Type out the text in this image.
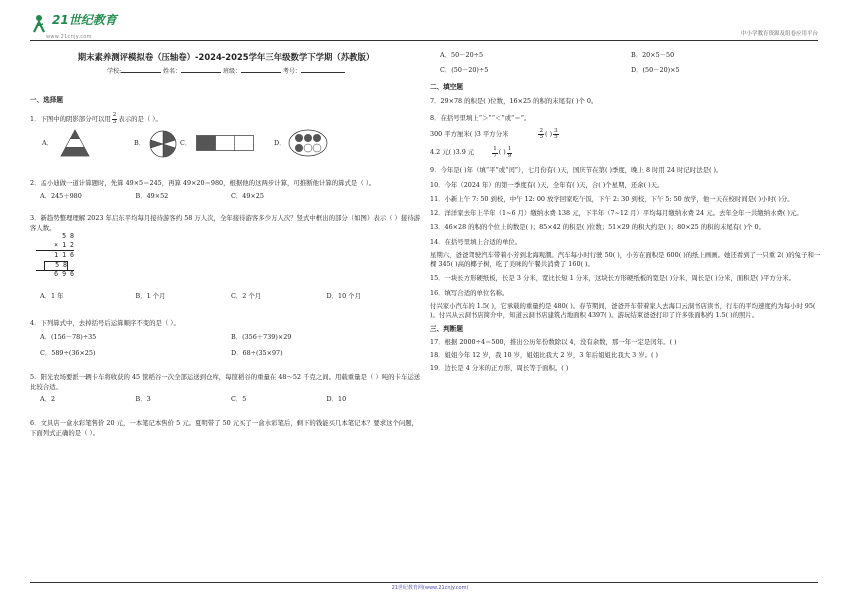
21世纪教育
www.21cnjy.com	中小学教育资源及组卷应用平台
期末素养测评模拟卷（压轴卷）-2024-2025学年三年级数学下学期（苏教版）
学校:	姓名：	班级：	考号：
一、选择题
1．下图中的阴影部分可以用 $\frac{2}{3}$ 表示的是（ ）。
A．	B．	C．	D．
2．孟小迪做一道计算题时，先算 49×5＝245，再算 49×20＝980，根据他的这两步计算，可推断他计算的算式是（ ）。
A．245＋980	B．49×52	C．49×25
3．新趋势整理理解 2023 年启东平均每月接待游客约 58 万人次，全年接待游客多少万人次？竖式中框出的部分（如图）表示（ ）接待游客人数。
5 8
× 1 2
1 1 6
5 8
6 9 6
A．1 年	B．1 个月	C．2 个月	D．10 个月
4．下列算式中，去掉括号后运算顺序不变的是（ ）。
A．(156－78)÷35	B．(356＋739)×29
C．589÷(36×25)	D．68÷(35×97)
5．阳光农场要派一辆卡车将收获的 45 筐稻谷一次全部运送到仓库，每筐稻谷的重量在 48～52 千克之间。用载重量是（ ）吨的卡车运送比较合适。
A．2	B．3	C．5	D．10
6．文具店一盒水彩笔售价 20 元，一本笔记本售价 5 元。夏明带了 50 元买了一盒水彩笔后，剩下的钱能买几本笔记本？要求这个问题，下面列式正确的是（ ）。
A．50－20÷5	B．20×5－50
C．(50－20)÷5	D．(50－20)×5
二、填空题
7．29×78 的积是( )位数，16×25 的积的末尾有( )个 0。
8．在括号里填上“＞”“＜”或“＝”。
300 平方厘米( )3 平方分米	$\frac{2}{5}$ ( ) $\frac{3}{5}$
4.2 元( )3.9 元	$\frac{1}{7}$ ( ) $\frac{1}{9}$
9．今年是( )年（填“平”或“闰”），七月份有( )天，国庆节在第( )季度，晚上 8 时用 24 时记时法是( )。
10．今年（2024 年）的第一季度有( )天，全年有( )天，合( )个星期，还余( )天。
11．小新上午 7: 50 到校，中午 12: 00 放学回家吃午饭，下午 2: 30 到校，下午 5: 50 放学，他一天在校时间是( )小时( )分。
12．洋洋家去年上半年（1~6 月）缴纳水费 138 元，下半年（7~12 月）平均每月缴纳水费 24 元。去年全年一共缴纳水费( )元。
13．46×28 的积的个位上的数是( )；85×42 的积是( )位数；51×29 的积大约是( )；80×25 的积的末尾有( )个 0。
14．在括号里填上合适的单位。
星期六，爸爸驾驶汽车带着小芳到北海观潮。汽车每小时行驶 50( )，小芳在面积是 600( )的纸上画画。她还看到了一只重 2( )的兔子和一棵 345( )高的椰子树，吃了美味的午餐共消费了 160( )。
15．一块长方形硬纸板，长是 3 分米，宽比长短 1 分米，这块长方形硬纸板的宽是( )分米，周长是( )分米，面积是( )平方分米。
16．填写合适的单位名称。
付兴家小汽车的 1.5( )，它承载的重量约是 480( )。春节期间，爸爸开车带着家人去海口云洞书店读书，行车的平均速度约为每小时 95( )。付兴从云洞书店简介中，知道云洞书店建筑占地面积 4397( )。游玩结束爸爸打印了许多张面积约 1.5( )的照片。
三、判断题
17．根据 2000÷4＝500，推出公历年份数除以 4，没有余数，那一年一定是闰年。( )
18．姐姐今年 12 岁，我 10 岁，姐姐比我大 2 岁，3 年后姐姐比我大 3 岁。( )
19．边长是 4 分米的正方形，周长等于面积。( )
21世纪教育网(www.21cnjy.com)
